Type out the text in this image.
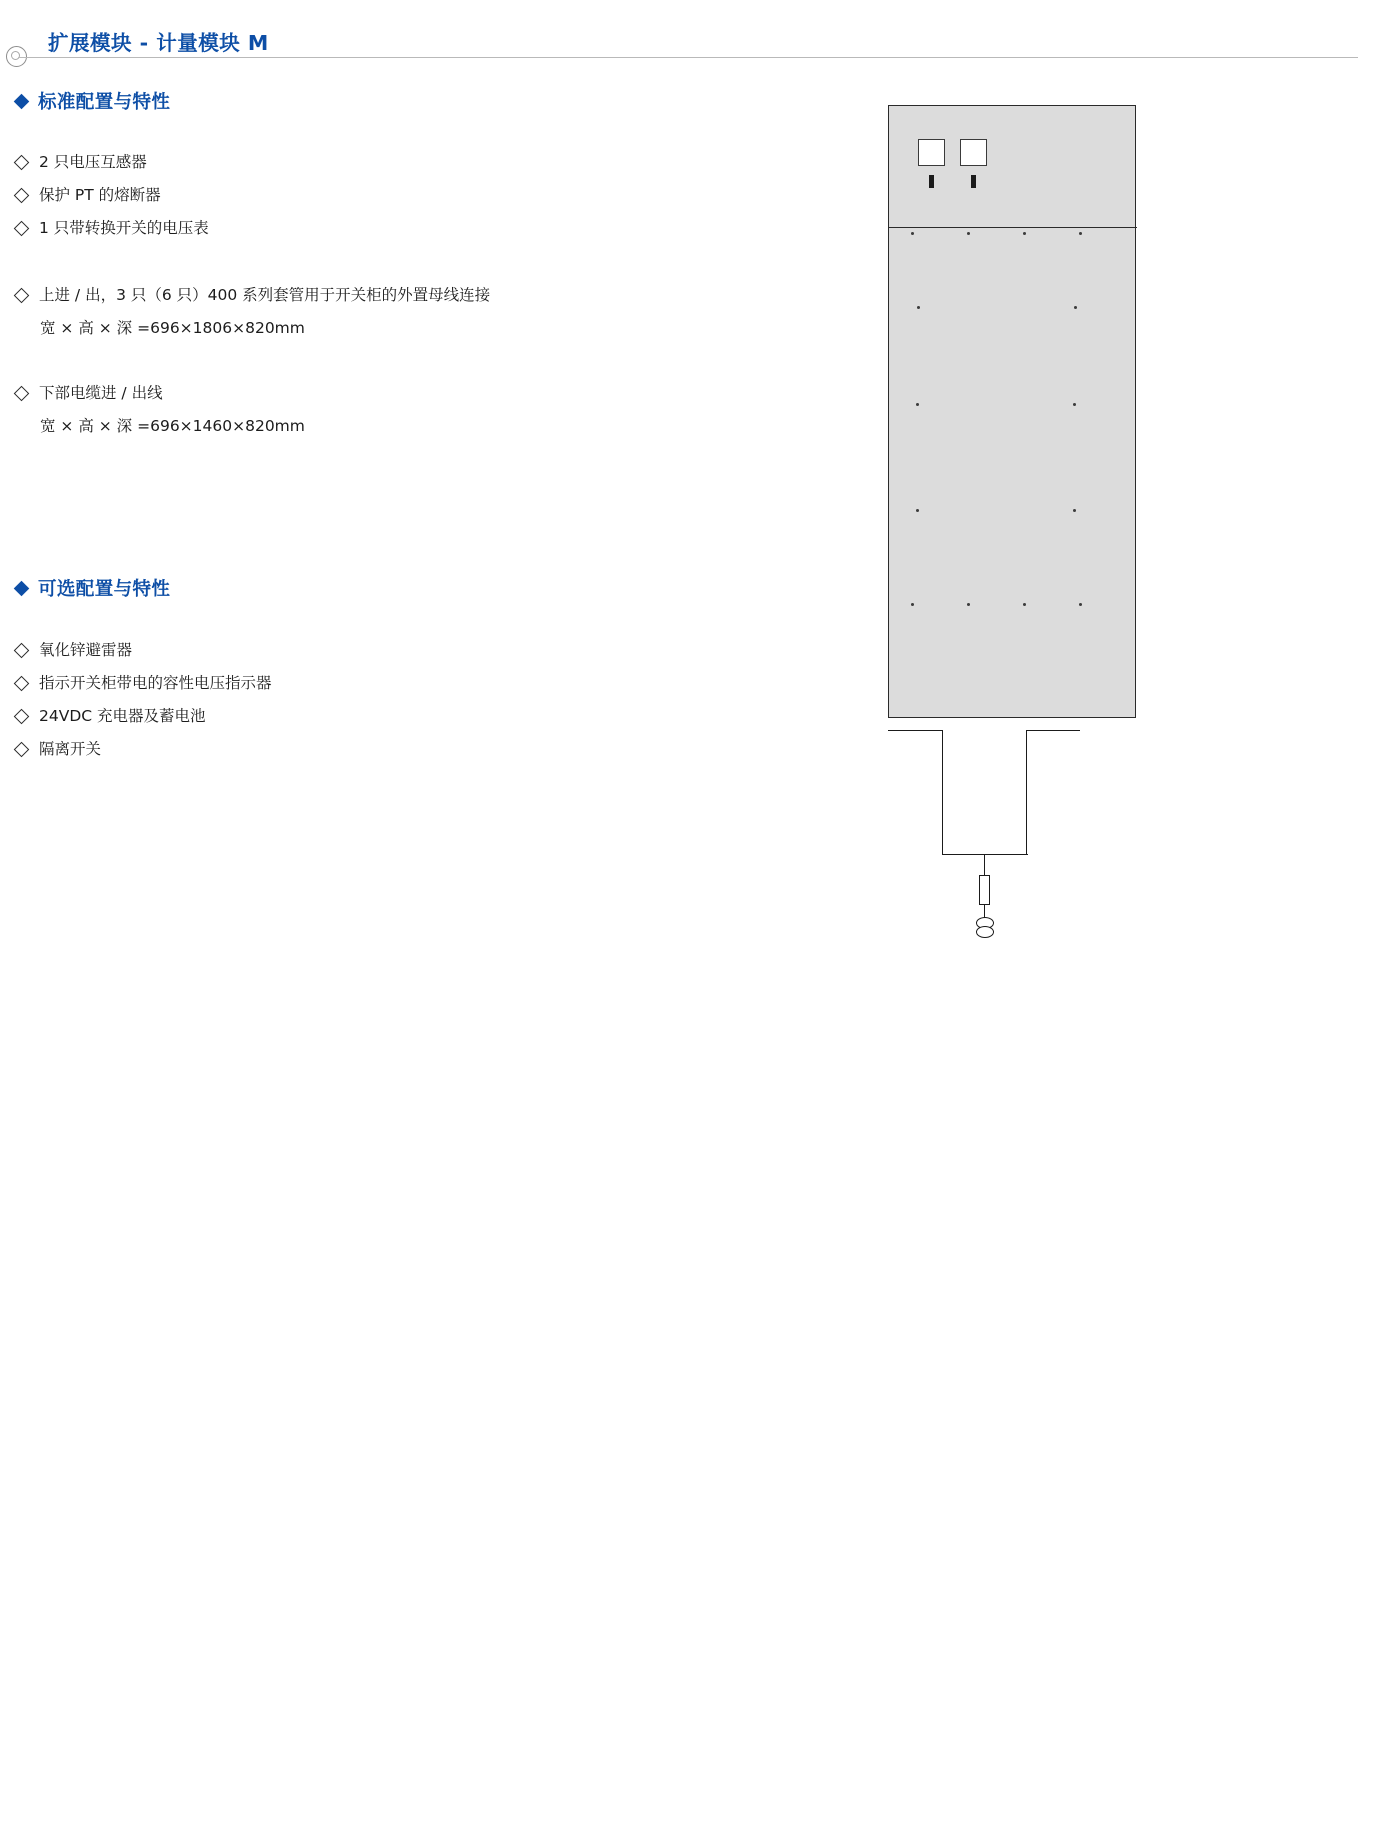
扩展模块 - 计量模块 M
标准配置与特性
2 只电压互感器
保护 PT 的熔断器
1 只带转换开关的电压表
上进 / 出，3 只（6 只）400 系列套管用于开关柜的外置母线连接
宽 × 高 × 深 =696×1806×820mm
下部电缆进 / 出线
宽 × 高 × 深 =696×1460×820mm
可选配置与特性
氧化锌避雷器
指示开关柜带电的容性电压指示器
24VDC 充电器及蓄电池
隔离开关
